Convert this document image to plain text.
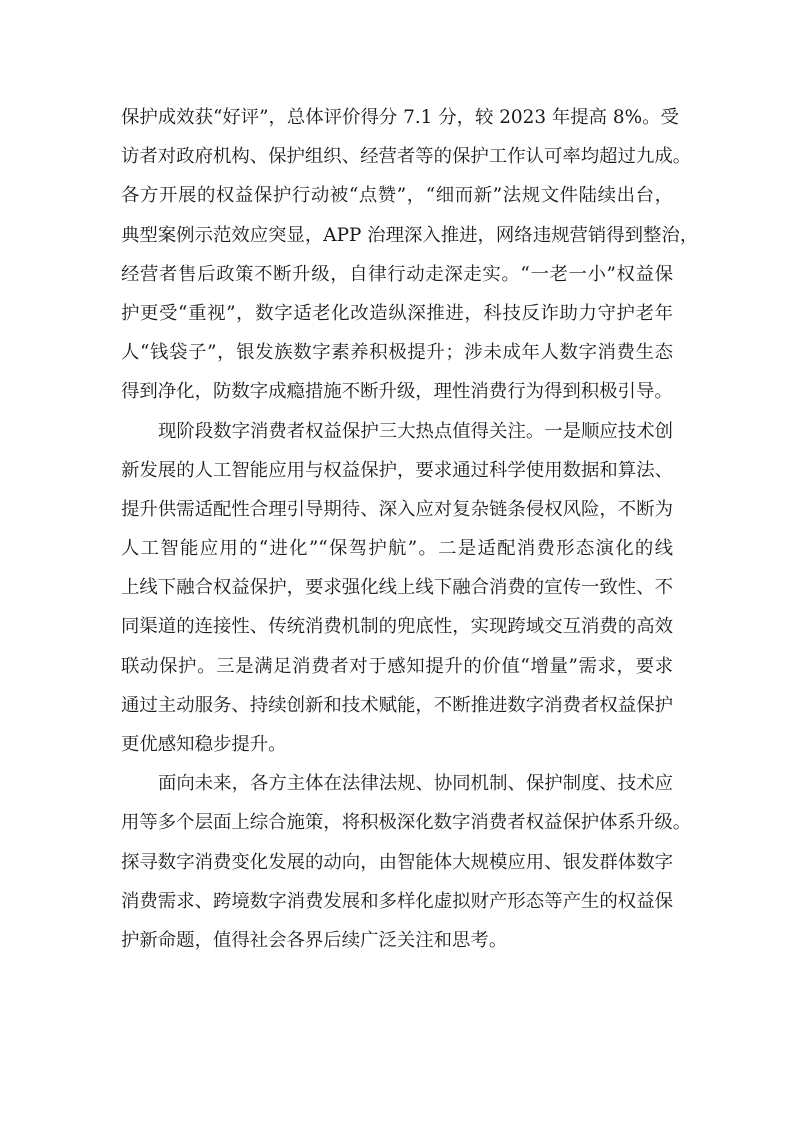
保护成效获“好评”，总体评价得分 7.1 分，较 2023 年提高 8%。受
访者对政府机构、保护组织、经营者等的保护工作认可率均超过九成。
各方开展的权益保护行动被“点赞”，“细而新”法规文件陆续出台，
典型案例示范效应突显，APP 治理深入推进，网络违规营销得到整治，
经营者售后政策不断升级，自律行动走深走实。“一老一小”权益保
护更受“重视”，数字适老化改造纵深推进，科技反诈助力守护老年
人“钱袋子”，银发族数字素养积极提升；涉未成年人数字消费生态
得到净化，防数字成瘾措施不断升级，理性消费行为得到积极引导。
现阶段数字消费者权益保护三大热点值得关注。一是顺应技术创
新发展的人工智能应用与权益保护，要求通过科学使用数据和算法、
提升供需适配性合理引导期待、深入应对复杂链条侵权风险，不断为
人工智能应用的“进化”“保驾护航”。二是适配消费形态演化的线
上线下融合权益保护，要求强化线上线下融合消费的宣传一致性、不
同渠道的连接性、传统消费机制的兜底性，实现跨域交互消费的高效
联动保护。三是满足消费者对于感知提升的价值“增量”需求，要求
通过主动服务、持续创新和技术赋能，不断推进数字消费者权益保护
更优感知稳步提升。
面向未来，各方主体在法律法规、协同机制、保护制度、技术应
用等多个层面上综合施策，将积极深化数字消费者权益保护体系升级。
探寻数字消费变化发展的动向，由智能体大规模应用、银发群体数字
消费需求、跨境数字消费发展和多样化虚拟财产形态等产生的权益保
护新命题，值得社会各界后续广泛关注和思考。
